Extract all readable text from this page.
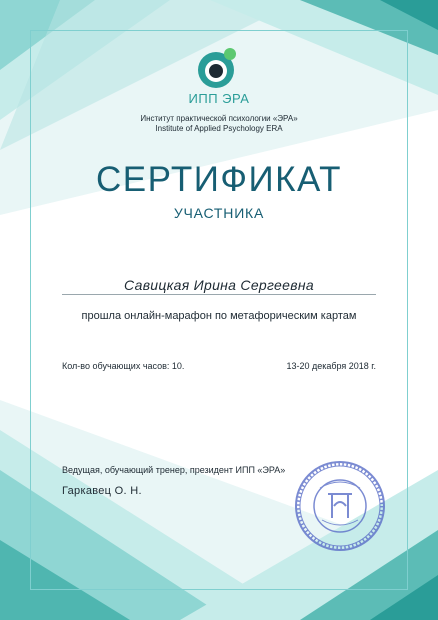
ИПП ЭРА
Институт практической психологии «ЭРА»
Institute of Applied Psychology ERA
СЕРТИФИКАТ
УЧАСТНИКА
Савицкая Ирина Сергеевна
прошла онлайн-марафон по метафорическим картам
Кол-во обучающих часов: 10.	13-20 декабря 2018 г.
Ведущая, обучающий тренер, президент ИПП «ЭРА»
Гаркавец О. Н.
